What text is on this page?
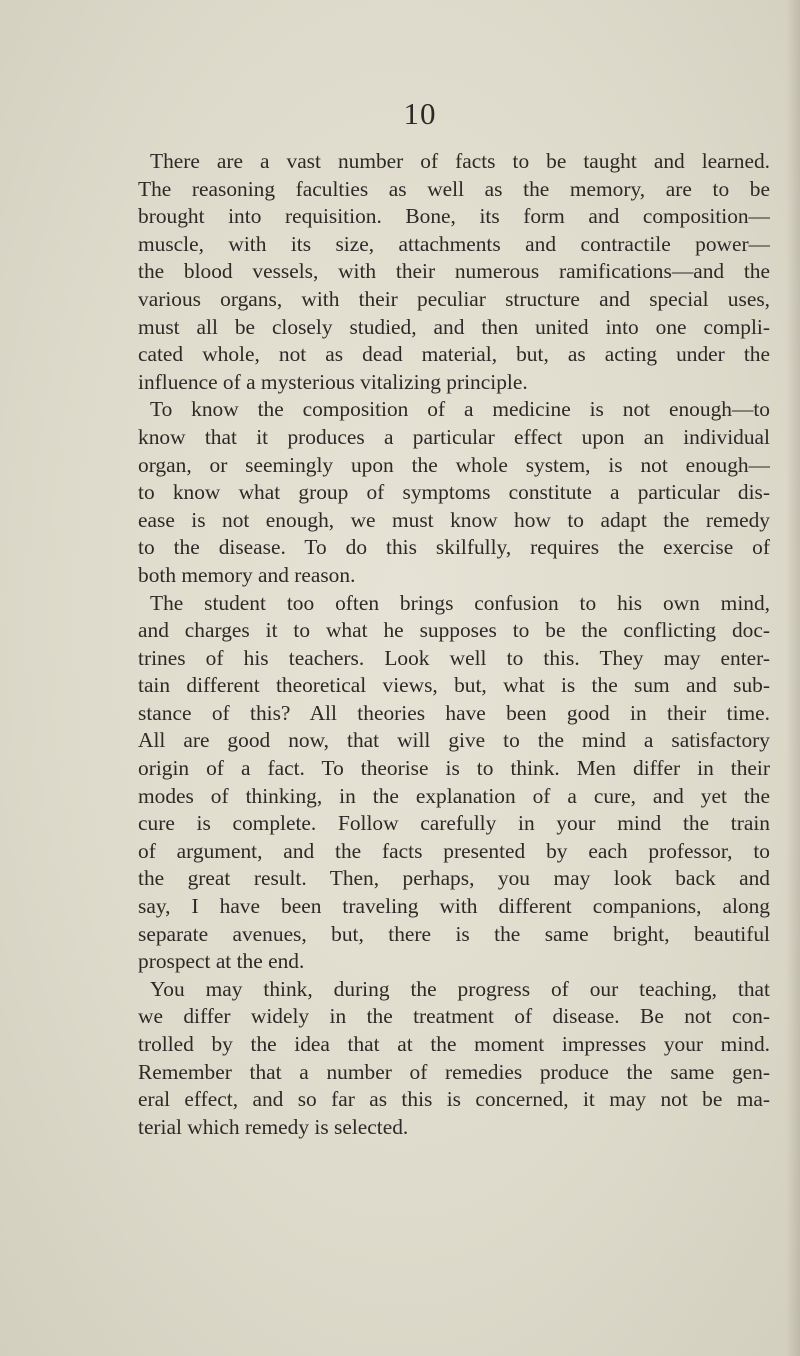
10
There are a vast number of facts to be taught and learned.
The reasoning faculties as well as the memory, are to be
brought into requisition. Bone, its form and composition—
muscle, with its size, attachments and contractile power—
the blood vessels, with their numerous ramifications—and the
various organs, with their peculiar structure and special uses,
must all be closely studied, and then united into one compli-
cated whole, not as dead material, but, as acting under the
influence of a mysterious vitalizing principle.
To know the composition of a medicine is not enough—to
know that it produces a particular effect upon an individual
organ, or seemingly upon the whole system, is not enough—
to know what group of symptoms constitute a particular dis-
ease is not enough, we must know how to adapt the remedy
to the disease. To do this skilfully, requires the exercise of
both memory and reason.
The student too often brings confusion to his own mind,
and charges it to what he supposes to be the conflicting doc-
trines of his teachers. Look well to this. They may enter-
tain different theoretical views, but, what is the sum and sub-
stance of this? All theories have been good in their time.
All are good now, that will give to the mind a satisfactory
origin of a fact. To theorise is to think. Men differ in their
modes of thinking, in the explanation of a cure, and yet the
cure is complete. Follow carefully in your mind the train
of argument, and the facts presented by each professor, to
the great result. Then, perhaps, you may look back and
say, I have been traveling with different companions, along
separate avenues, but, there is the same bright, beautiful
prospect at the end.
You may think, during the progress of our teaching, that
we differ widely in the treatment of disease. Be not con-
trolled by the idea that at the moment impresses your mind.
Remember that a number of remedies produce the same gen-
eral effect, and so far as this is concerned, it may not be ma-
terial which remedy is selected.
